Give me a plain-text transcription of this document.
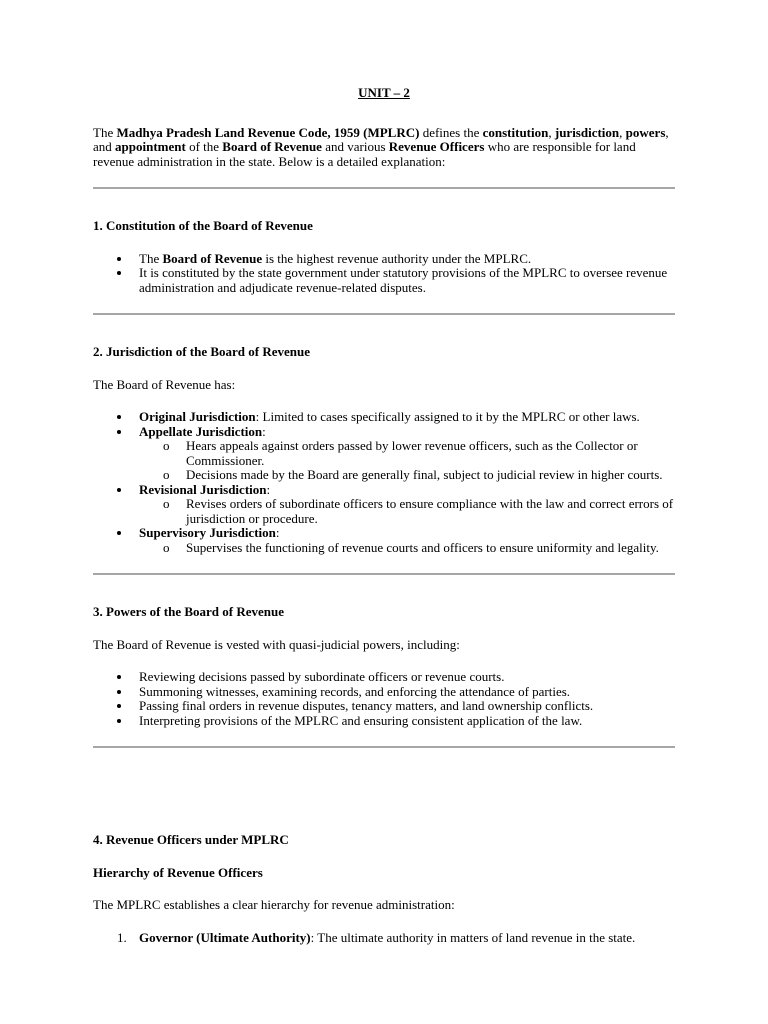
UNIT – 2

The Madhya Pradesh Land Revenue Code, 1959 (MPLRC) defines the constitution, jurisdiction, powers, and appointment of the Board of Revenue and various Revenue Officers who are responsible for land revenue administration in the state. Below is a detailed explanation:

1. Constitution of the Board of Revenue

The Board of Revenue is the highest revenue authority under the MPLRC.
It is constituted by the state government under statutory provisions of the MPLRC to oversee revenue administration and adjudicate revenue-related disputes.

2. Jurisdiction of the Board of Revenue

The Board of Revenue has:

Original Jurisdiction: Limited to cases specifically assigned to it by the MPLRC or other laws.
Appellate Jurisdiction:
o Hears appeals against orders passed by lower revenue officers, such as the Collector or Commissioner.
o Decisions made by the Board are generally final, subject to judicial review in higher courts.
Revisional Jurisdiction:
o Revises orders of subordinate officers to ensure compliance with the law and correct errors of jurisdiction or procedure.
Supervisory Jurisdiction:
o Supervises the functioning of revenue courts and officers to ensure uniformity and legality.

3. Powers of the Board of Revenue

The Board of Revenue is vested with quasi-judicial powers, including:

Reviewing decisions passed by subordinate officers or revenue courts.
Summoning witnesses, examining records, and enforcing the attendance of parties.
Passing final orders in revenue disputes, tenancy matters, and land ownership conflicts.
Interpreting provisions of the MPLRC and ensuring consistent application of the law.

4. Revenue Officers under MPLRC

Hierarchy of Revenue Officers

The MPLRC establishes a clear hierarchy for revenue administration:

1. Governor (Ultimate Authority): The ultimate authority in matters of land revenue in the state.
